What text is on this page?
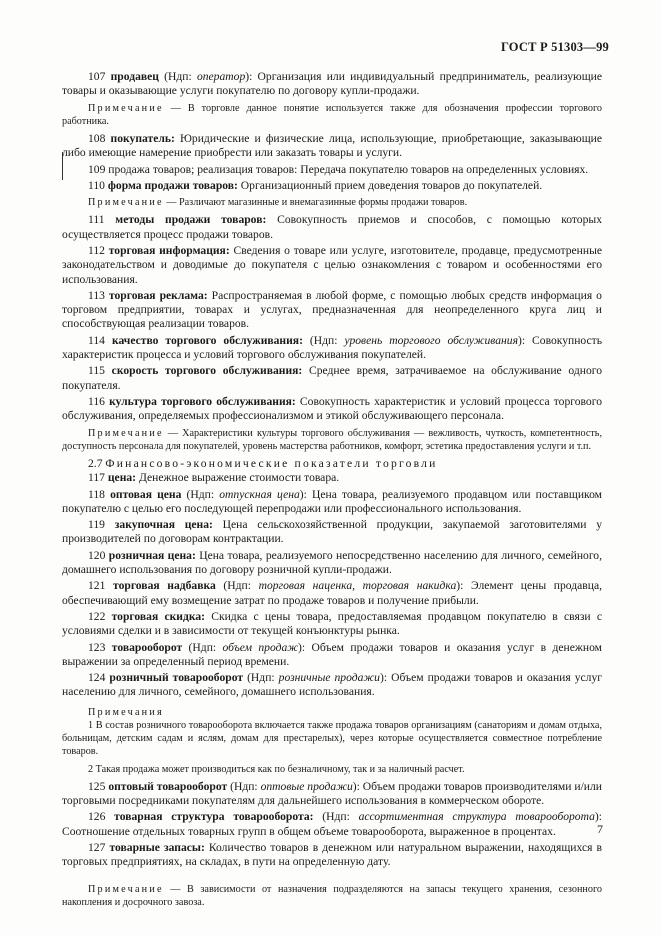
ГОСТ Р 51303—99

107 продавец (Ндп: оператор): Организация или индивидуальный предприниматель, реализующие товары и оказывающие услуги покупателю по договору купли-продажи.

Примечание — В торговле данное понятие используется также для обозначения профессии торгового работника.

108 покупатель: Юридические и физические лица, использующие, приобретающие, заказывающие либо имеющие намерение приобрести или заказать товары и услуги.

109 продажа товаров; реализация товаров: Передача покупателю товаров на определенных условиях.

110 форма продажи товаров: Организационный прием доведения товаров до покупателей.

Примечание — Различают магазинные и внемагазинные формы продажи товаров.

111 методы продажи товаров: Совокупность приемов и способов, с помощью которых осуществляется процесс продажи товаров.

112 торговая информация: Сведения о товаре или услуге, изготовителе, продавце, предусмотренные законодательством и доводимые до покупателя с целью ознакомления с товаром и особенностями его использования.

113 торговая реклама: Распространяемая в любой форме, с помощью любых средств информация о торговом предприятии, товарах и услугах, предназначенная для неопределенного круга лиц и способствующая реализации товаров.

114 качество торгового обслуживания: (Ндп: уровень торгового обслуживания): Совокупность характеристик процесса и условий торгового обслуживания покупателей.

115 скорость торгового обслуживания: Среднее время, затрачиваемое на обслуживание одного покупателя.

116 культура торгового обслуживания: Совокупность характеристик и условий процесса торгового обслуживания, определяемых профессионализмом и этикой обслуживающего персонала.

Примечание — Характеристики культуры торгового обслуживания — вежливость, чуткость, компетентность, доступность персонала для покупателей, уровень мастерства работников, комфорт, эстетика предоставления услуги и т.п.

2.7 Финансово-экономические показатели торговли

117 цена: Денежное выражение стоимости товара.

118 оптовая цена (Ндп: отпускная цена): Цена товара, реализуемого продавцом или поставщиком покупателю с целью его последующей перепродажи или профессионального использования.

119 закупочная цена: Цена сельскохозяйственной продукции, закупаемой заготовителями у производителей по договорам контрактации.

120 розничная цена: Цена товара, реализуемого непосредственно населению для личного, семейного, домашнего использования по договору розничной купли-продажи.

121 торговая надбавка (Ндп: торговая наценка, торговая накидка): Элемент цены продавца, обеспечивающий ему возмещение затрат по продаже товаров и получение прибыли.

122 торговая скидка: Скидка с цены товара, предоставляемая продавцом покупателю в связи с условиями сделки и в зависимости от текущей конъюнктуры рынка.

123 товарооборот (Ндп: объем продаж): Объем продажи товаров и оказания услуг в денежном выражении за определенный период времени.

124 розничный товарооборот (Ндп: розничные продажи): Объем продажи товаров и оказания услуг населению для личного, семейного, домашнего использования.

Примечания

1 В состав розничного товарооборота включается также продажа товаров организациям (санаториям и домам отдыха, больницам, детским садам и яслям, домам для престарелых), через которые осуществляется совместное потребление товаров.

2 Такая продажа может производиться как по безналичному, так и за наличный расчет.

125 оптовый товарооборот (Ндп: оптовые продажи): Объем продажи товаров производителями и/или торговыми посредниками покупателям для дальнейшего использования в коммерческом обороте.

126 товарная структура товарооборота: (Ндп: ассортиментная структура товарооборота): Соотношение отдельных товарных групп в общем объеме товарооборота, выраженное в процентах.

127 товарные запасы: Количество товаров в денежном или натуральном выражении, находящихся в торговых предприятиях, на складах, в пути на определенную дату.

Примечание — В зависимости от назначения подразделяются на запасы текущего хранения, сезонного накопления и досрочного завоза.

7
